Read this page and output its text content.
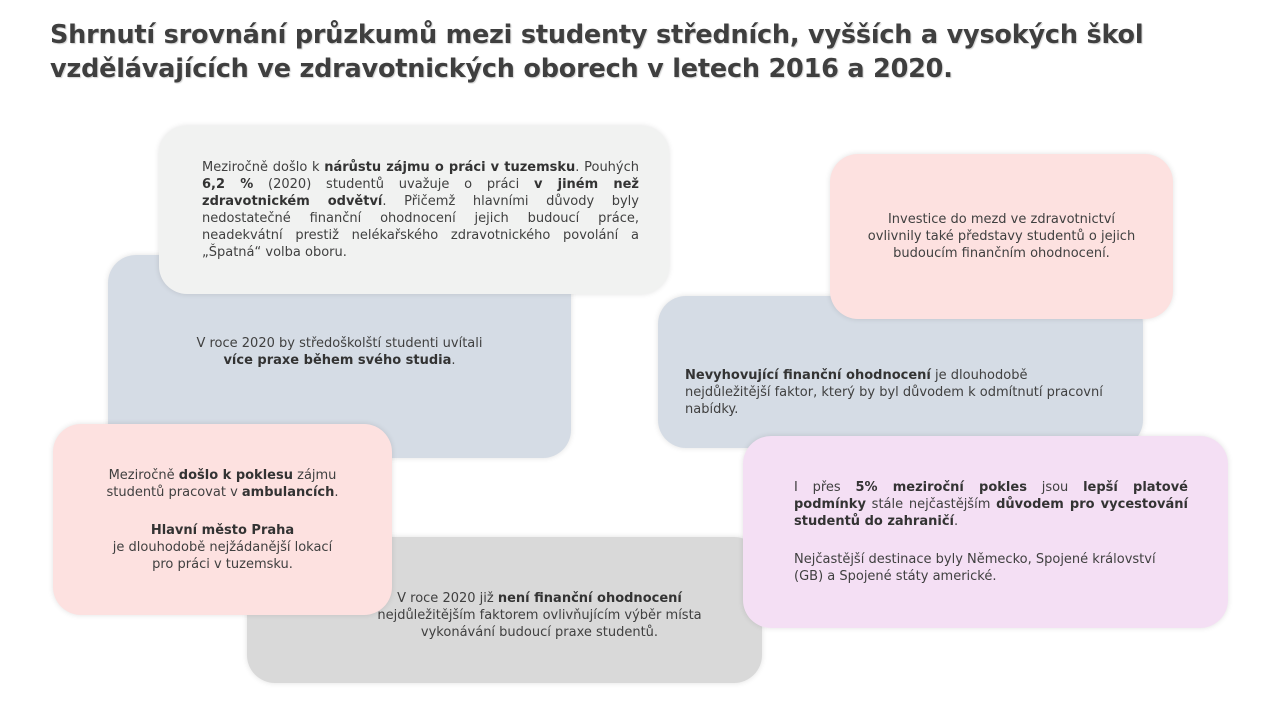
Shrnutí srovnání průzkumů mezi studenty středních, vyšších a vysokých škol
vzdělávajících ve zdravotnických oborech v letech 2016 a 2020.

V roce 2020 by středoškolští studenti uvítali
více praxe během svého studia.

Meziročně došlo k nárůstu zájmu o práci v tuzemsku. Pouhých 6,2 % (2020) studentů uvažuje o práci v jiném než zdravotnickém odvětví. Přičemž hlavními důvody byly nedostatečné finanční ohodnocení jejich budoucí práce, neadekvátní prestiž nelékařského zdravotnického povolání a „Špatná“ volba oboru.

V roce 2020 již není finanční ohodnocení
nejdůležitějším faktorem ovlivňujícím výběr místa
vykonávání budoucí praxe studentů.

Meziročně došlo k poklesu zájmu studentů pracovat v ambulancích.

Hlavní město Praha
je dlouhodobě nejžádanější lokací
pro práci v tuzemsku.

Nevyhovující finanční ohodnocení je dlouhodobě nejdůležitější faktor, který by byl důvodem k odmítnutí pracovní nabídky.

Investice do mezd ve zdravotnictví ovlivnily také představy studentů o jejich budoucím finančním ohodnocení.

I přes 5% meziroční pokles jsou lepší platové podmínky stále nejčastějším důvodem pro vycestování studentů do zahraničí.

Nejčastější destinace byly Německo, Spojené království (GB) a Spojené státy americké.
